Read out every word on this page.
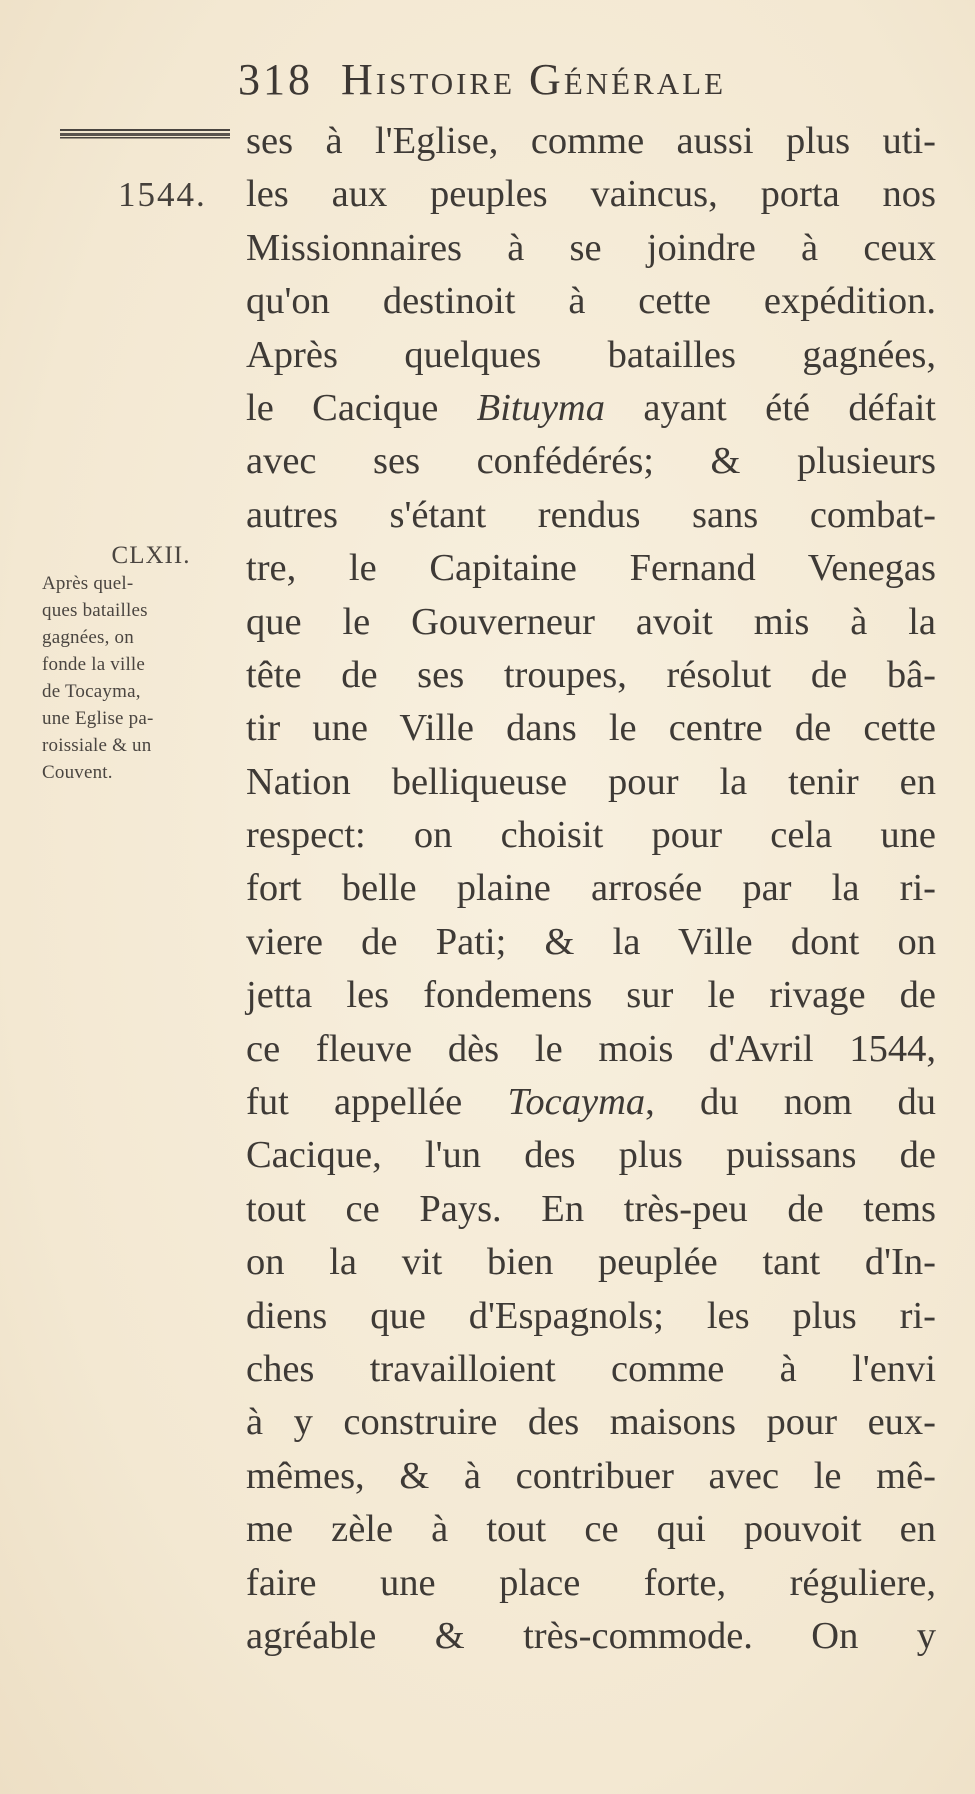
318 Histoire Générale
1544.
CLXII.
Après quel-
ques batailles
gagnées, on
fonde la ville
de Tocayma,
une Eglise pa-
roissiale & un
Couvent.
ses à l'Eglise, comme aussi plus uti-
les aux peuples vaincus, porta nos
Missionnaires à se joindre à ceux
qu'on destinoit à cette expédition.
Après quelques batailles gagnées,
le Cacique Bituyma ayant été défait
avec ses confédérés; & plusieurs
autres s'étant rendus sans combat-
tre, le Capitaine Fernand Venegas
que le Gouverneur avoit mis à la
tête de ses troupes, résolut de bâ-
tir une Ville dans le centre de cette
Nation belliqueuse pour la tenir en
respect: on choisit pour cela une
fort belle plaine arrosée par la ri-
viere de Pati; & la Ville dont on
jetta les fondemens sur le rivage de
ce fleuve dès le mois d'Avril 1544,
fut appellée Tocayma, du nom du
Cacique, l'un des plus puissans de
tout ce Pays. En très-peu de tems
on la vit bien peuplée tant d'In-
diens que d'Espagnols; les plus ri-
ches travailloient comme à l'envi
à y construire des maisons pour eux-
mêmes, & à contribuer avec le mê-
me zèle à tout ce qui pouvoit en
faire une place forte, réguliere,
agréable & très-commode. On y
